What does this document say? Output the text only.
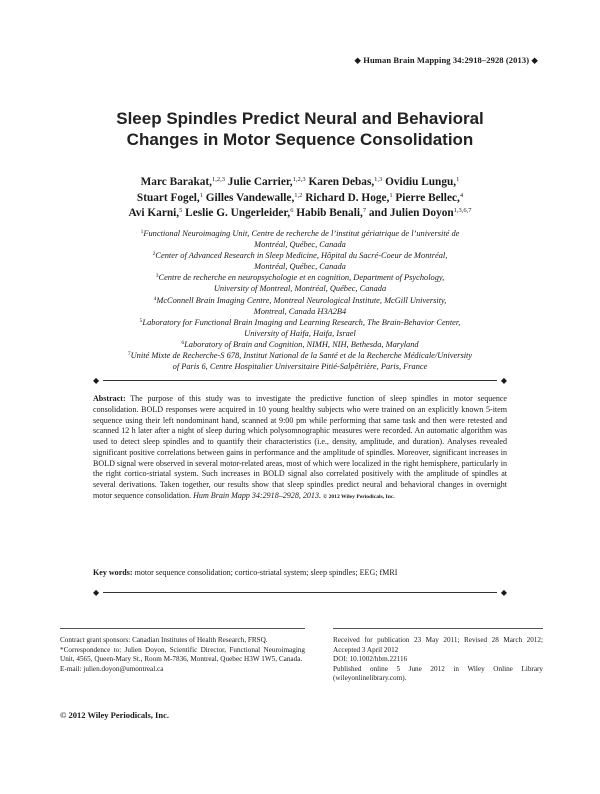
◆ Human Brain Mapping 34:2918–2928 (2013) ◆
Sleep Spindles Predict Neural and Behavioral
Changes in Motor Sequence Consolidation
Marc Barakat,$^{1,2,3}$ Julie Carrier,$^{1,2,3}$ Karen Debas,$^{1,3}$ Ovidiu Lungu,$^1$
Stuart Fogel,$^1$ Gilles Vandewalle,$^{1,2}$ Richard D. Hoge,$^1$ Pierre Bellec,$^4$
Avi Karni,$^5$ Leslie G. Ungerleider,$^6$ Habib Benali,$^7$ and Julien Doyon$^{1,3,6,7}$
$^1$Functional Neuroimaging Unit, Centre de recherche de l’institut gériatrique de l’université de
Montréal, Québec, Canada
$^2$Center of Advanced Research in Sleep Medicine, Hôpital du Sacré-Coeur de Montréal,
Montréal, Québec, Canada
$^3$Centre de recherche en neuropsychologie et en cognition, Department of Psychology,
University of Montreal, Montréal, Québec, Canada
$^4$McConnell Brain Imaging Centre, Montreal Neurological Institute, McGill University,
Montreal, Canada H3A2B4
$^5$Laboratory for Functional Brain Imaging and Learning Research, The Brain-Behavior Center,
University of Haifa, Haifa, Israel
$^6$Laboratory of Brain and Cognition, NIMH, NIH, Bethesda, Maryland
$^7$Unité Mixte de Recherche-S 678, Institut National de la Santé et de la Recherche Médicale/University
of Paris 6, Centre Hospitalier Universitaire Pitié-Salpêtrière, Paris, France
◆	◆
Abstract: The purpose of this study was to investigate the predictive function of sleep spindles in motor sequence consolidation. BOLD responses were acquired in 10 young healthy subjects who were trained on an explicitly known 5-item sequence using their left nondominant hand, scanned at 9:00 pm while performing that same task and then were retested and scanned 12 h later after a night of sleep during which polysomnographic measures were recorded. An automatic algorithm was used to detect sleep spindles and to quantify their characteristics (i.e., density, amplitude, and duration). Analyses revealed significant positive correlations between gains in performance and the amplitude of spindles. Moreover, significant increases in BOLD signal were observed in several motor-related areas, most of which were localized in the right hemisphere, particularly in the right cortico-striatal system. Such increases in BOLD signal also correlated positively with the amplitude of spindles at several derivations. Taken together, our results show that sleep spindles predict neural and behavioral changes in overnight motor sequence consolidation. Hum Brain Mapp 34:2918–2928, 2013. © 2012 Wiley Periodicals, Inc.
Key words: motor sequence consolidation; cortico-striatal system; sleep spindles; EEG; fMRI
◆	◆

Contract grant sponsors: Canadian Institutes of Health Research, FRSQ.

*Correspondence to: Julien Doyon, Scientific Director, Functional Neuroimaging Unit, 4565, Queen-Mary St., Room M-7836, Montreal, Quebec H3W 1W5, Canada.

E-mail: julien.doyon@umontreal.ca

Received for publication 23 May 2011; Revised 28 March 2012; Accepted 3 April 2012

DOI: 10.1002/hbm.22116

Published online 5 June 2012 in Wiley Online Library (wileyonlinelibrary.com).

© 2012 Wiley Periodicals, Inc.
